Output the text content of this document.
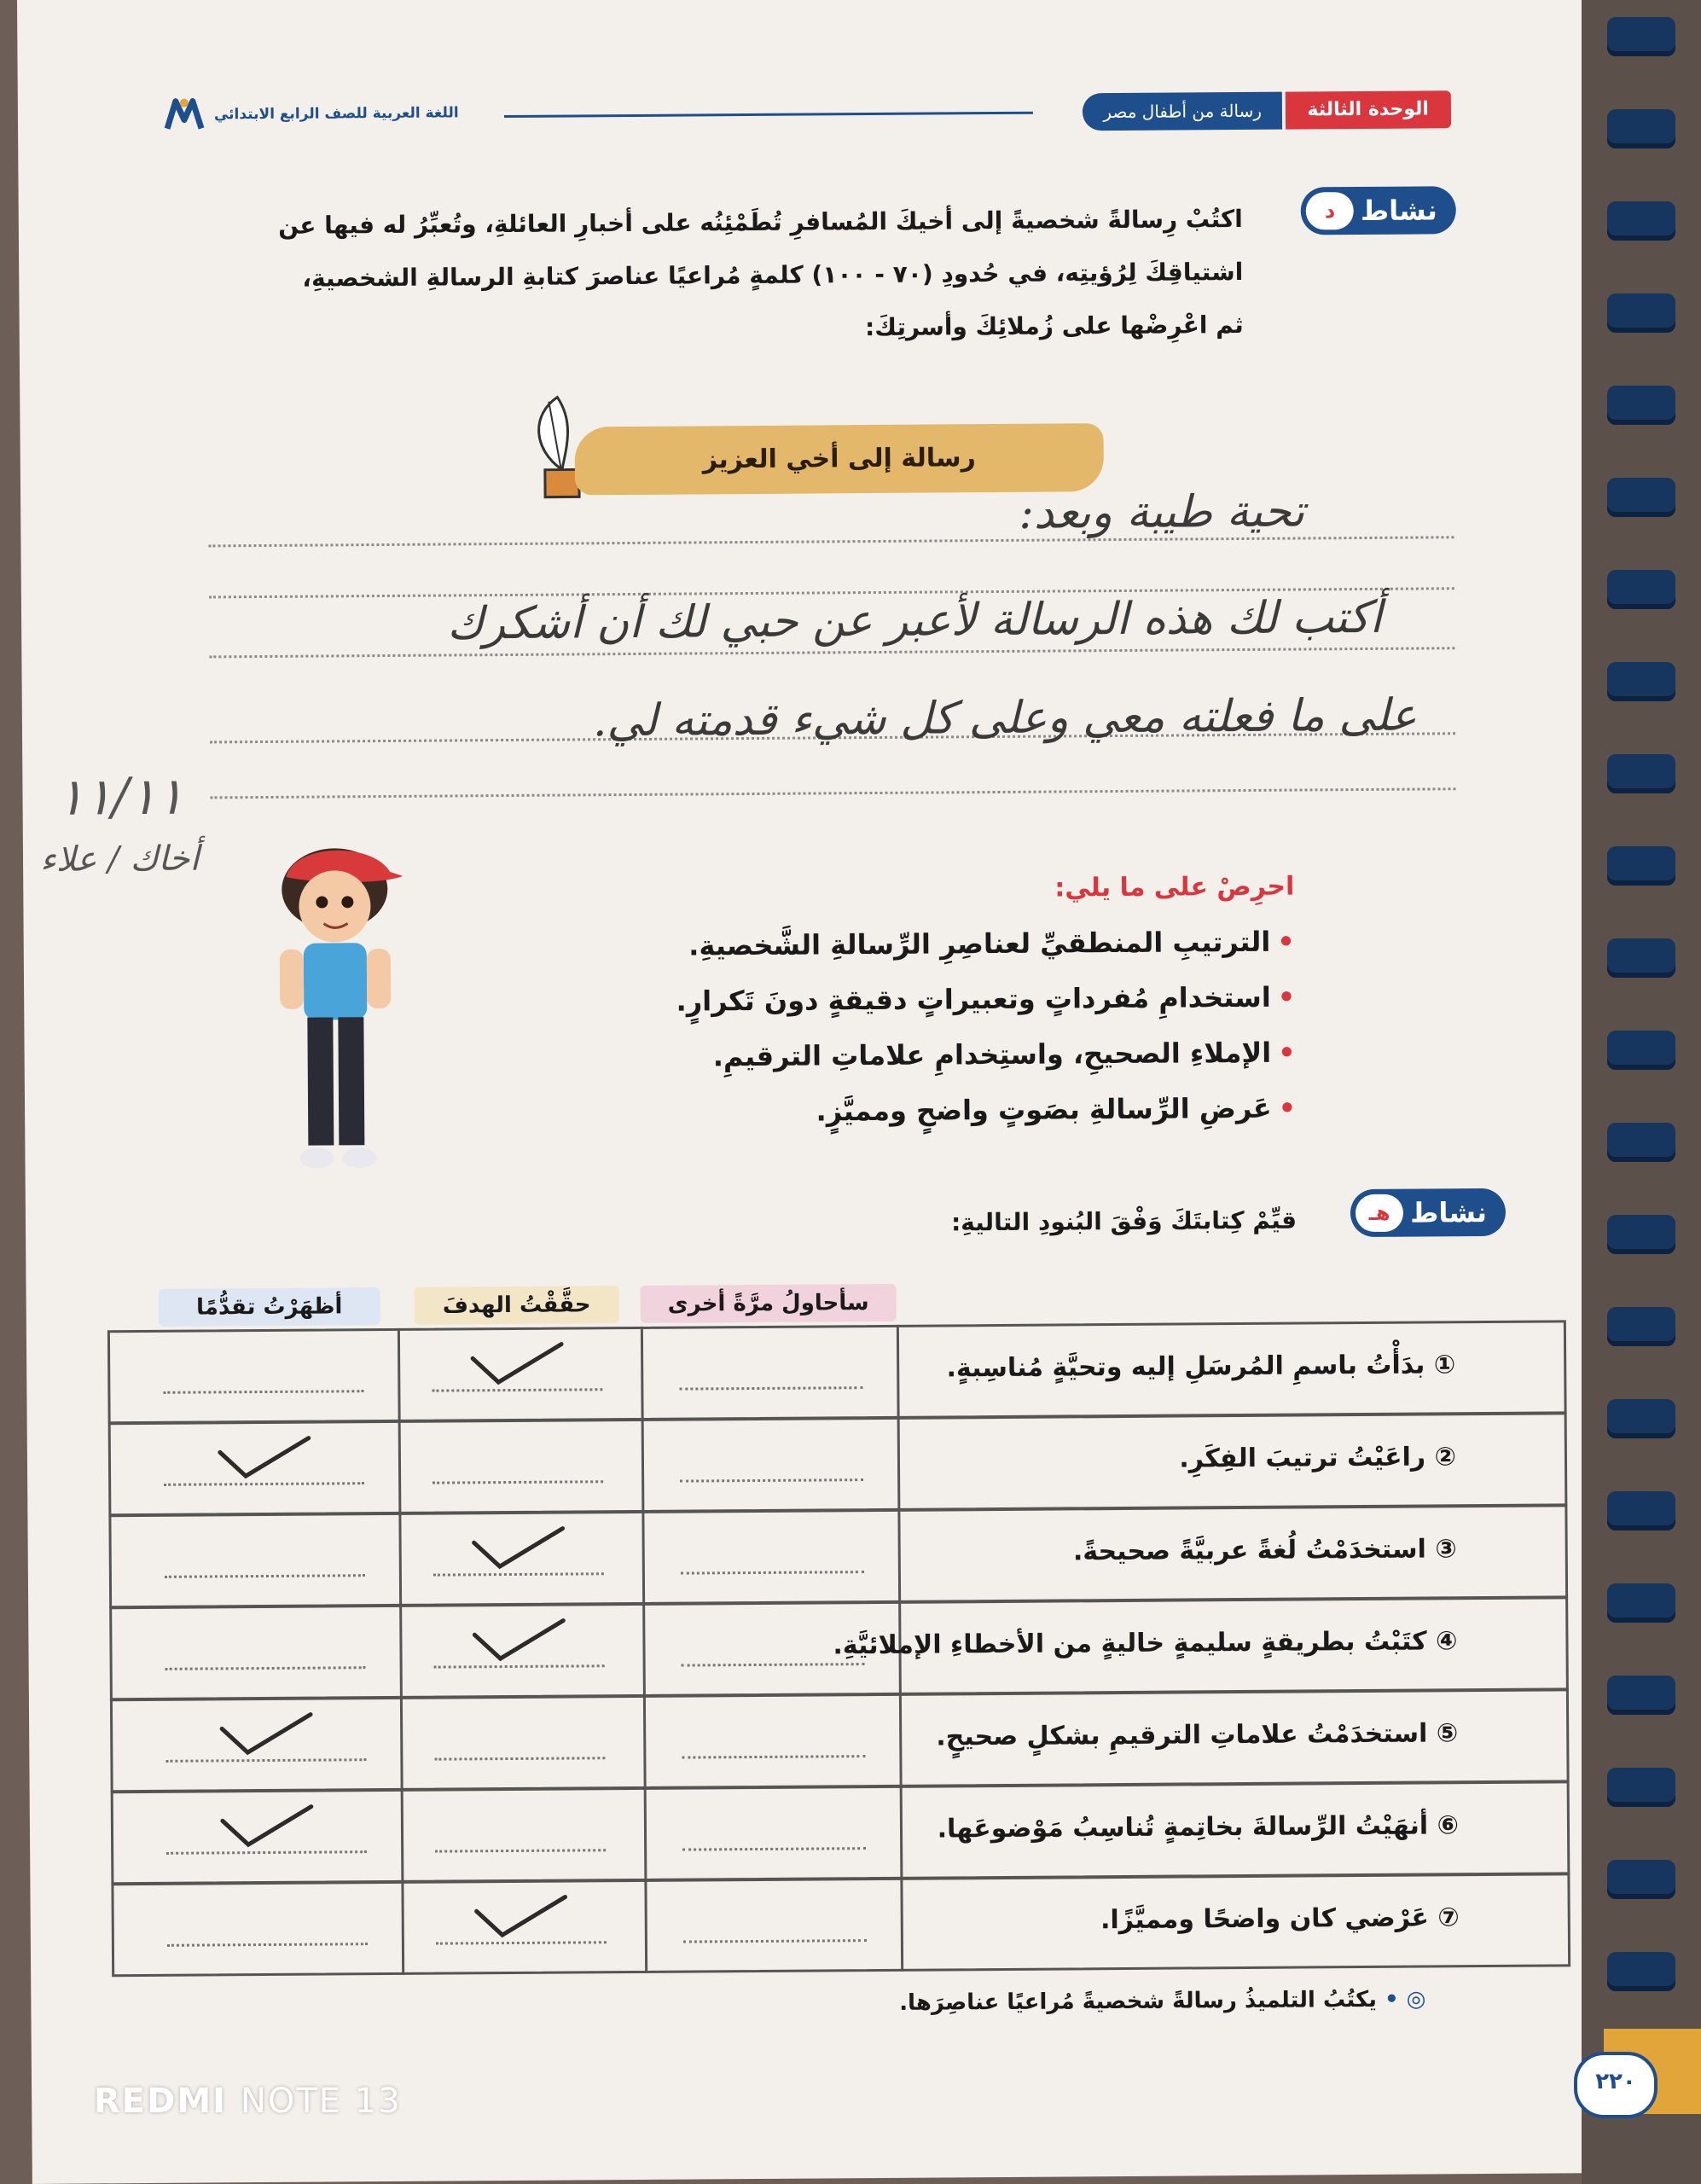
الوحدة الثالثة
رسالة من أطفال مصر
اللغة العربية للصف الرابع الابتدائي
نشاط
د
اكتُبْ رِسالةً شخصيةً إلى أخيكَ المُسافرِ تُطَمْئِنُه على أخبارِ العائلةِ، وتُعبِّرُ له فيها عن
اشتياقِكَ لِرُؤيتِه، في حُدودِ (٧٠ - ١٠٠) كلمةٍ مُراعيًا عناصرَ كتابةِ الرسالةِ الشخصيةِ،
ثم اعْرِضْها على زُملائِكَ وأسرتِكَ:
رسالة إلى أخي العزيز
تحية طيبة وبعد:
أكتب لك هذه الرسالة لأعبر عن حبي لك أن أشكرك
على ما فعلته معي وعلى كل شيء قدمته لي.
١١/١١
أخاك / علاء
احرِصْ على ما يلي:
• الترتيبِ المنطقيِّ لعناصِرِ الرِّسالةِ الشَّخصيةِ.
• استخدامِ مُفرداتٍ وتعبيراتٍ دقيقةٍ دونَ تَكرارٍ.
• الإملاءِ الصحيحِ، واستِخدامِ علاماتِ الترقيمِ.
• عَرضِ الرِّسالةِ بصَوتٍ واضحٍ ومميَّزٍ.
نشاط
هـ
قيِّمْ كِتابتَكَ وَفْقَ البُنودِ التاليةِ:
سأحاولُ مرَّةً أخرى
حقَّقْتُ الهدفَ
أظهَرْتُ تقدُّمًا
◎ • يكتُبُ التلميذُ رسالةً شخصيةً مُراعيًا عناصِرَها.
① بدَأْتُ باسمِ المُرسَلِ إليه وتحيَّةٍ مُناسِبةٍ.
② راعَيْتُ ترتيبَ الفِكَرِ.
③ استخدَمْتُ لُغةً عربيَّةً صحيحةً.
④ كتَبْتُ بطريقةٍ سليمةٍ خاليةٍ من الأخطاءِ الإملائيَّةِ.
⑤ استخدَمْتُ علاماتِ الترقيمِ بشكلٍ صحيحٍ.
⑥ أنهَيْتُ الرِّسالةَ بخاتِمةٍ تُناسِبُ مَوْضوعَها.
⑦ عَرْضي كان واضحًا ومميَّزًا.
٢٢٠
REDMI NOTE 13
